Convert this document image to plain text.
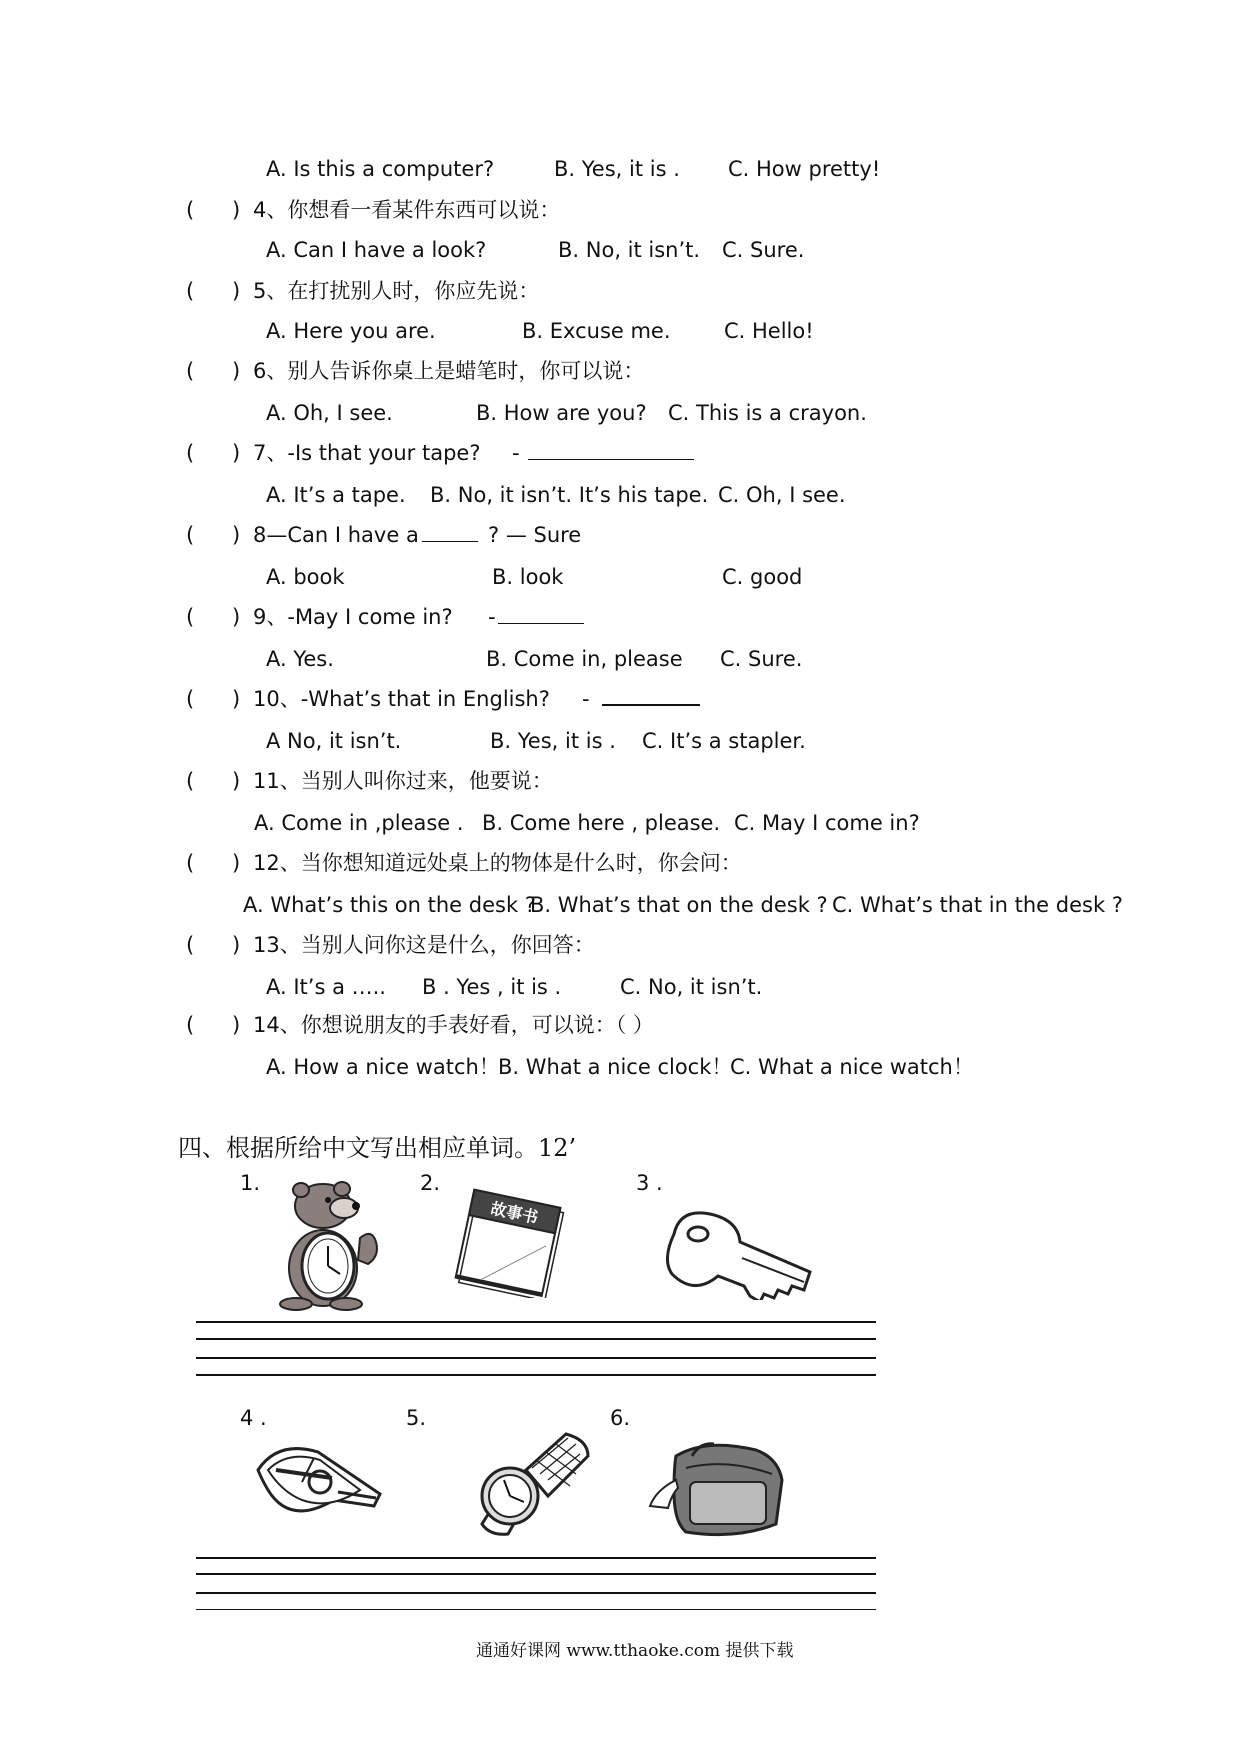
A. Is this a computer?	B. Yes, it is . C. How pretty!
( ) 4、你想看一看某件东西可以说：
A. Can I have a look?	B. No, it isn’t. C. Sure.
( ) 5、在打扰别人时，你应先说：
A. Here you are.	B. Excuse me.	C. Hello!
( ) 6、别人告诉你桌上是蜡笔时，你可以说：
A. Oh, I see.	B. How are you? C. This is a crayon.
( ) 7、-Is that your tape? -
A. It’s a tape. B. No, it isn’t. It’s his tape. C. Oh, I see.
( ) 8—Can I have a	? — Sure
A. book	B. look	C. good
( ) 9、-May I come in? -
A. Yes.	B. Come in, please C. Sure.
( ) 10、-What’s that in English? -
A No, it isn’t.	B. Yes, it is . C. It’s a stapler.
( ) 11、当别人叫你过来，他要说：
A. Come in ,please . B. Come here , please. C. May I come in?
( ) 12、当你想知道远处桌上的物体是什么时，你会问：
A. What’s this on the desk ?
B. What’s that on the desk ? C. What’s that in the desk ?
( ) 13、当别人问你这是什么，你回答：
A. It’s a ….. B . Yes , it is .	C. No, it isn’t.
( ) 14、你想说朋友的手表好看，可以说：（ ）
A. How a nice watch！
B. What a nice clock！
C. What a nice watch！
四、根据所给中文写出相应单词。12’
1.	2.	3 .
故事书
4 .	5.	6.
通通好课网 www.tthaoke.com 提供下载
